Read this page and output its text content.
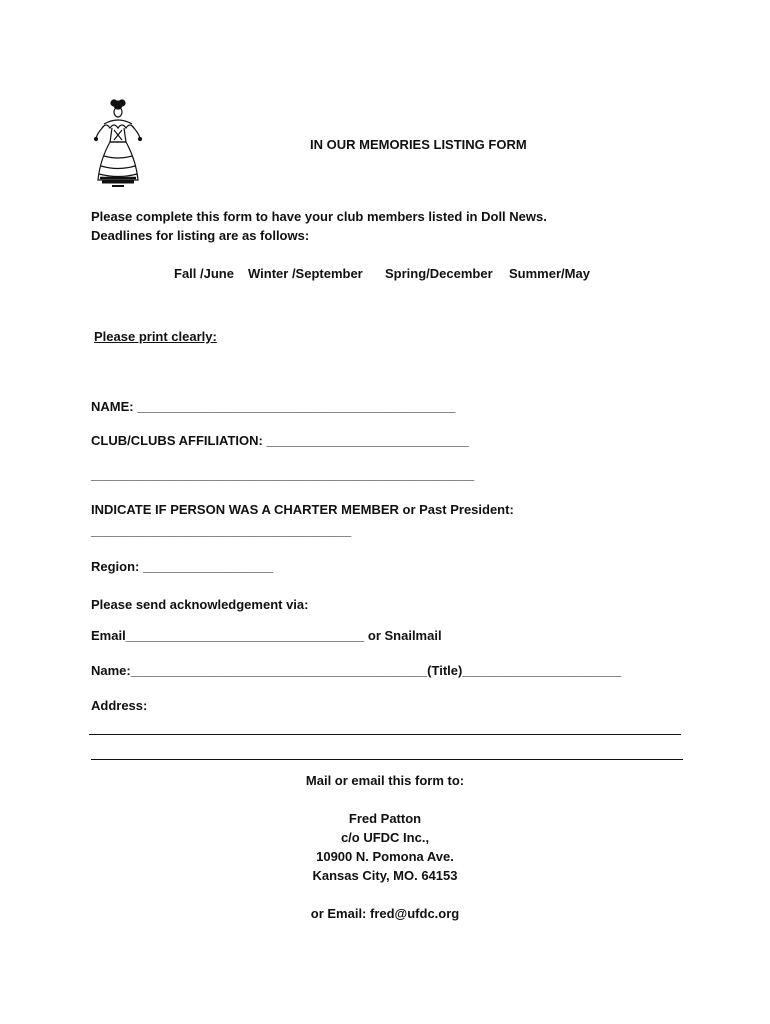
IN OUR MEMORIES LISTING FORM
Please complete this form to have your club members listed in Doll News.
Deadlines for listing are as follows:
Fall /June Winter /September Spring/December Summer/May
Please print clearly:
NAME: ____________________________________________
CLUB/CLUBS AFFILIATION: ____________________________
_____________________________________________________
INDICATE IF PERSON WAS A CHARTER MEMBER or Past President:
____________________________________
Region: __________________
Please send acknowledgement via:
Email_________________________________ or Snailmail
Name:_________________________________________(Title)______________________
Address:
Mail or email this form to:
Fred Patton
c/o UFDC Inc.,
10900 N. Pomona Ave.
Kansas City, MO. 64153
or Email: fred@ufdc.org
